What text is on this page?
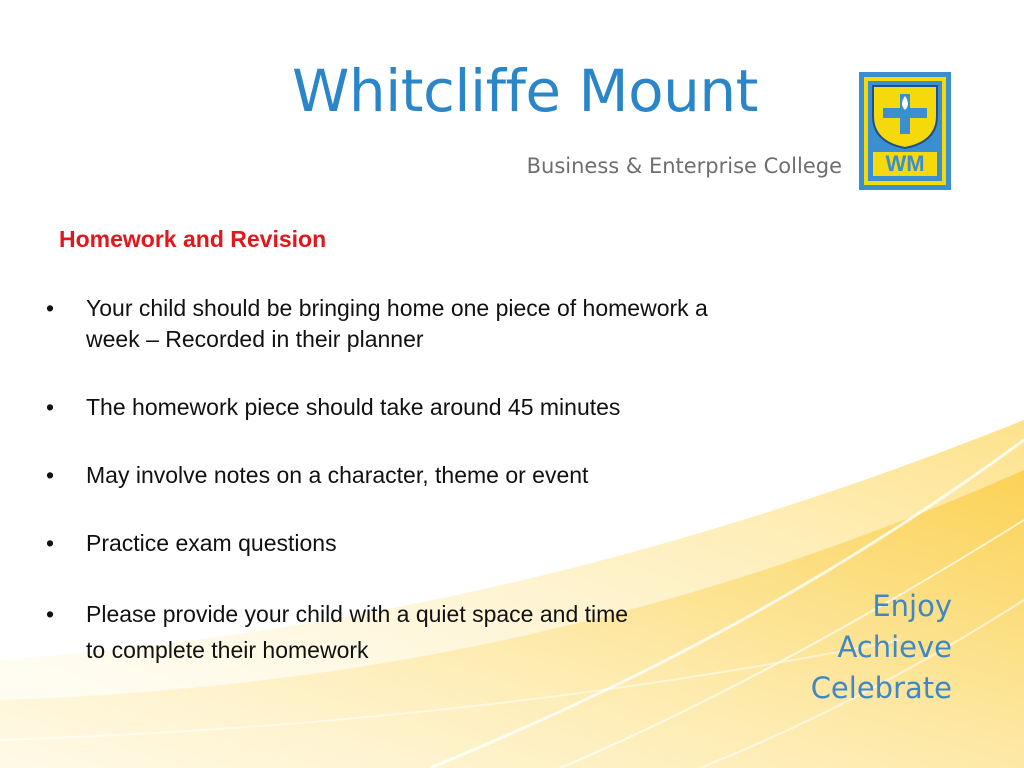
Whitcliffe Mount
Business & Enterprise College WM
Homework and Revision
• Your child should be bringing home one piece of homework a
week – Recorded in their planner
• The homework piece should take around 45 minutes
• May involve notes on a character, theme or event
• Practice exam questions
• Please provide your child with a quiet space and time
to complete their homework
Enjoy
Achieve
Celebrate
